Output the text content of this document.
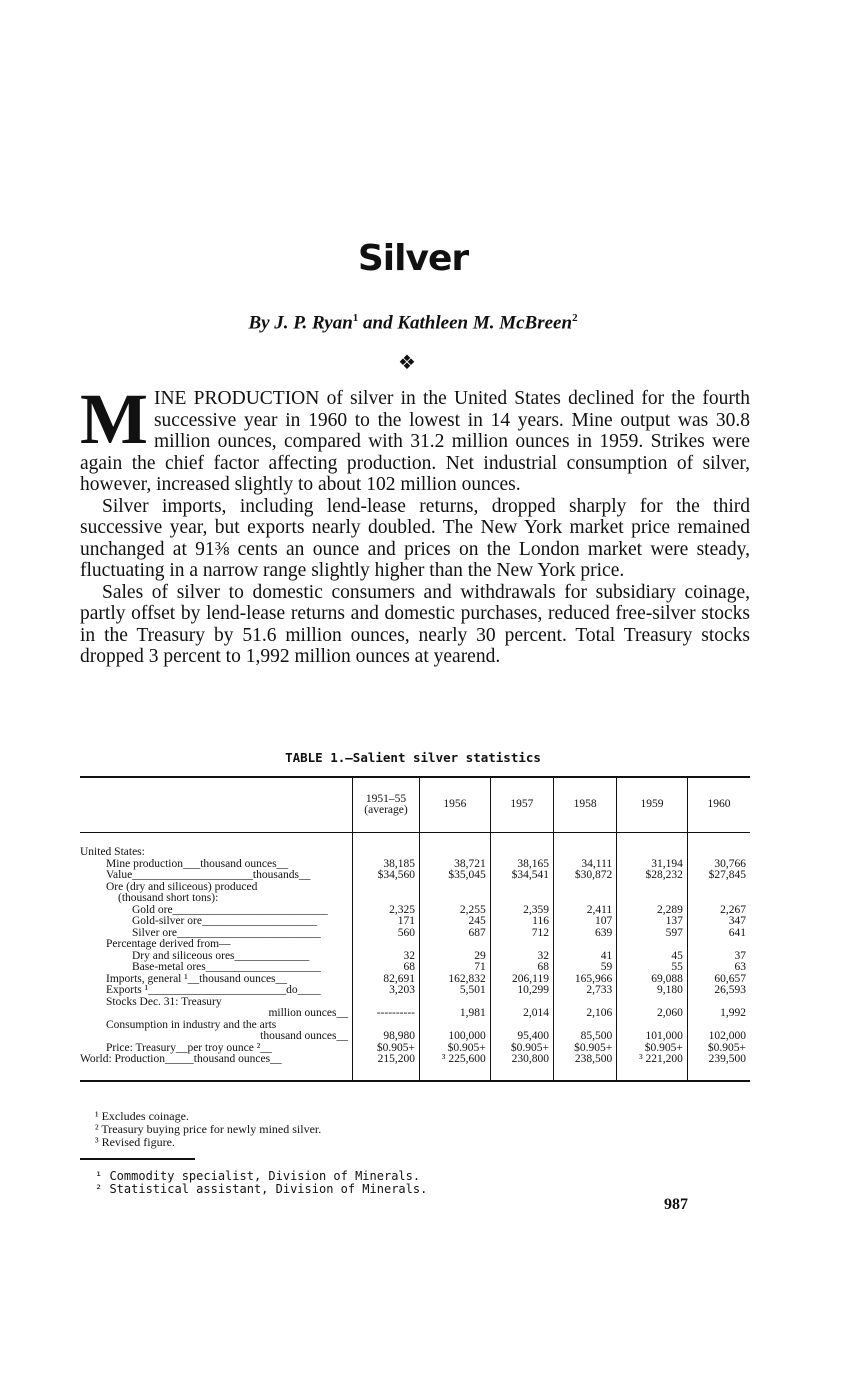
Silver
By J. P. Ryan$^1$ and Kathleen M. McBreen$^2$
❖

MINE PRODUCTION of silver in the United States declined for the fourth successive year in 1960 to the lowest in 14 years. Mine output was 30.8 million ounces, compared with 31.2 million ounces in 1959. Strikes were again the chief factor affecting production. Net industrial consumption of silver, however, increased slightly to about 102 million ounces.

Silver imports, including lend-lease returns, dropped sharply for the third successive year, but exports nearly doubled. The New York market price remained unchanged at 91⅜ cents an ounce and prices on the London market were steady, fluctuating in a narrow range slightly higher than the New York price.

Sales of silver to domestic consumers and withdrawals for subsidiary coinage, partly offset by lend-lease returns and domestic purchases, reduced free-silver stocks in the Treasury by 51.6 million ounces, nearly 30 percent. Total Treasury stocks dropped 3 percent to 1,992 million ounces at yearend.

TABLE 1.—Salient silver statistics
	1951–55 (average)	1956	1957	1958	1959	1960

United States:						
Mine production___thousand ounces__	38,185	38,721	38,165	34,111	31,194	30,766
Value_____________________thousands__	$34,560	$35,045	$34,541	$30,872	$28,232	$27,845
Ore (dry and siliceous) produced						
(thousand short tons):						
Gold ore___________________________	2,325	2,255	2,359	2,411	2,289	2,267
Gold-silver ore____________________	171	245	116	107	137	347
Silver ore_________________________	560	687	712	639	597	641
Percentage derived from—						
Dry and siliceous ores_____________	32	29	32	41	45	37
Base-metal ores____________________	68	71	68	59	55	63
Imports, general ¹__thousand ounces__	82,691	162,832	206,119	165,966	69,088	60,657
Exports ¹________________________do____	3,203	5,501	10,299	2,733	9,180	26,593
Stocks Dec. 31: Treasury						
million ounces__	----------	1,981	2,014	2,106	2,060	1,992
Consumption in industry and the arts						
thousand ounces__	98,980	100,000	95,400	85,500	101,000	102,000
Price: Treasury__per troy ounce ²__	$0.905+	$0.905+	$0.905+	$0.905+	$0.905+	$0.905+
World: Production_____thousand ounces__	215,200	³ 225,600	230,800	238,500	³ 221,200	239,500

¹ Excludes coinage.
² Treasury buying price for newly mined silver.
³ Revised figure.
¹ Commodity specialist, Division of Minerals.
² Statistical assistant, Division of Minerals.
987
